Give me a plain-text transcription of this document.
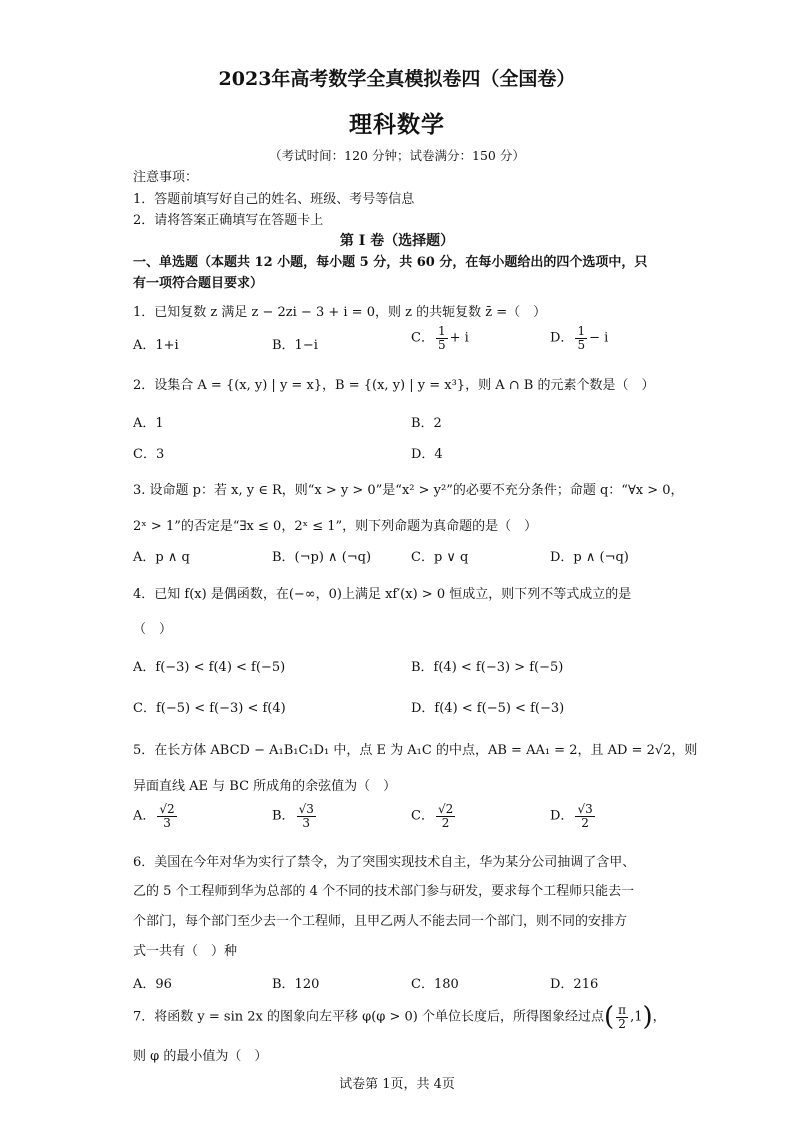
2023年高考数学全真模拟卷四（全国卷）
理科数学
（考试时间：120 分钟；试卷满分：150 分）
注意事项：
1．答题前填写好自己的姓名、班级、考号等信息
2．请将答案正确填写在答题卡上
第 I 卷（选择题）
一、单选题（本题共 12 小题，每小题 5 分，共 60 分，在每小题给出的四个选项中，只
有一项符合题目要求）
1．已知复数 z 满足 z − 2zi − 3 + i = 0，则 z 的共轭复数 z̄ =（　）
A．1+i	B．1−i	C． $\frac{1}{5} + i$	D． $\frac{1}{5} - i$
2．设集合 A = {(x, y) | y = x}，B = {(x, y) | y = x³}，则 A ∩ B 的元素个数是（　）
A．1	B．2
C．3	D．4
3. 设命题 p：若 x, y ∈ R，则“x > y > 0”是“x² > y²”的必要不充分条件；命题 q：“∀x > 0，
2ˣ > 1”的否定是“∃x ≤ 0，2ˣ ≤ 1”，则下列命题为真命题的是（　）
A．p ∧ q	B．(¬p) ∧ (¬q)	C．p ∨ q	D．p ∧ (¬q)
4．已知 f(x) 是偶函数，在(−∞，0)上满足 xf′(x) > 0 恒成立，则下列不等式成立的是
（　）
A．f(−3) < f(4) < f(−5)	B．f(4) < f(−3) > f(−5)
C．f(−5) < f(−3) < f(4)	D．f(4) < f(−5) < f(−3)
5．在长方体 ABCD − A₁B₁C₁D₁ 中，点 E 为 A₁C 的中点，AB = AA₁ = 2，且 AD = 2√2，则
异面直线 AE 与 BC 所成角的余弦值为（　）
A． $\frac{√2}{3}$	B． $\frac{√3}{3}$	C． $\frac{√2}{2}$	D． $\frac{√3}{2}$
6．美国在今年对华为实行了禁令，为了突围实现技术自主，华为某分公司抽调了含甲、
乙的 5 个工程师到华为总部的 4 个不同的技术部门参与研发，要求每个工程师只能去一
个部门，每个部门至少去一个工程师，且甲乙两人不能去同一个部门，则不同的安排方
式一共有（　）种
A．96	B．120	C．180	D．216
7．将函数 y = sin 2x 的图象向左平移 φ(φ > 0) 个单位长度后，所得图象经过点( $\frac{\pi}{2} ,1$)，
则 φ 的最小值为（　）
试卷第 1页，共 4页
